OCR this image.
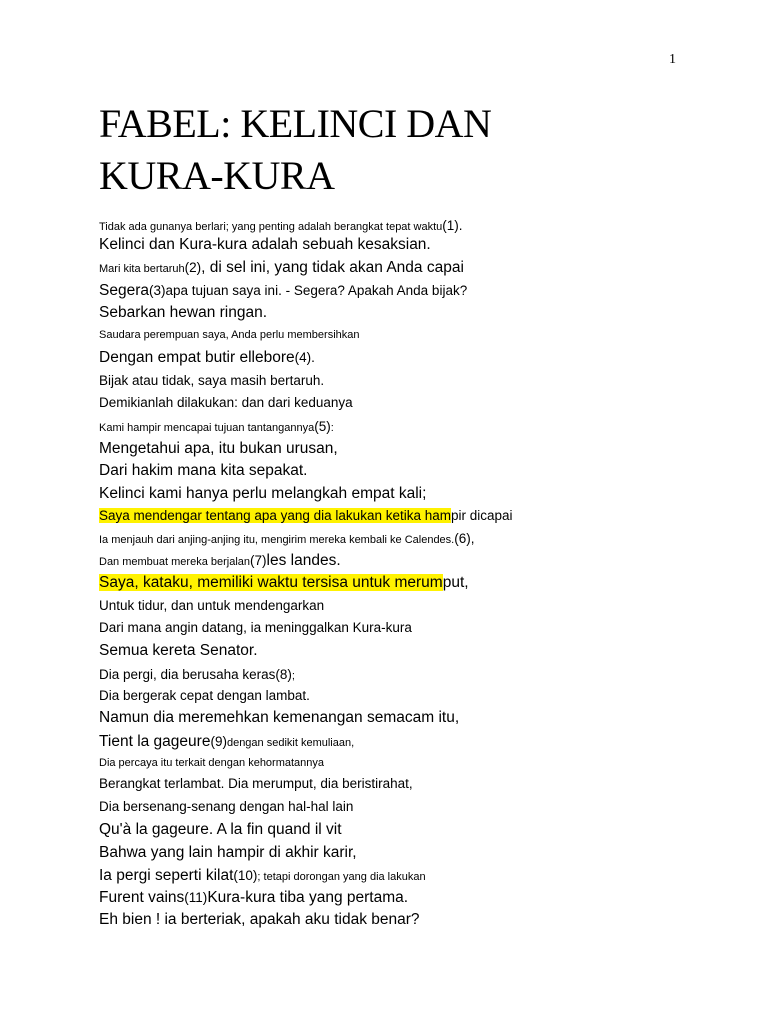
1
FABEL: KELINCI DAN
KURA-KURA
Tidak ada gunanya berlari; yang penting adalah berangkat tepat waktu(1).
Kelinci dan Kura-kura adalah sebuah kesaksian.
Mari kita bertaruh(2), di sel ini, yang tidak akan Anda capai
Segera(3)apa tujuan saya ini. - Segera? Apakah Anda bijak?
Sebarkan hewan ringan.
Saudara perempuan saya, Anda perlu membersihkan
Dengan empat butir ellebore(4).
Bijak atau tidak, saya masih bertaruh.
Demikianlah dilakukan: dan dari keduanya
Kami hampir mencapai tujuan tantangannya(5):
Mengetahui apa, itu bukan urusan,
Dari hakim mana kita sepakat.
Kelinci kami hanya perlu melangkah empat kali;
Saya mendengar tentang apa yang dia lakukan ketika hampir dicapai
Ia menjauh dari anjing-anjing itu, mengirim mereka kembali ke Calendes.(6),
Dan membuat mereka berjalan(7)les landes.
Saya, kataku, memiliki waktu tersisa untuk merumput,
Untuk tidur, dan untuk mendengarkan
Dari mana angin datang, ia meninggalkan Kura-kura
Semua kereta Senator.
Dia pergi, dia berusaha keras(8);
Dia bergerak cepat dengan lambat.
Namun dia meremehkan kemenangan semacam itu,
Tient la gageure(9)dengan sedikit kemuliaan,
Dia percaya itu terkait dengan kehormatannya
Berangkat terlambat. Dia merumput, dia beristirahat,
Dia bersenang-senang dengan hal-hal lain
Qu'à la gageure. A la fin quand il vit
Bahwa yang lain hampir di akhir karir,
Ia pergi seperti kilat(10); tetapi dorongan yang dia lakukan
Furent vains(11)Kura-kura tiba yang pertama.
Eh bien ! ia berteriak, apakah aku tidak benar?
